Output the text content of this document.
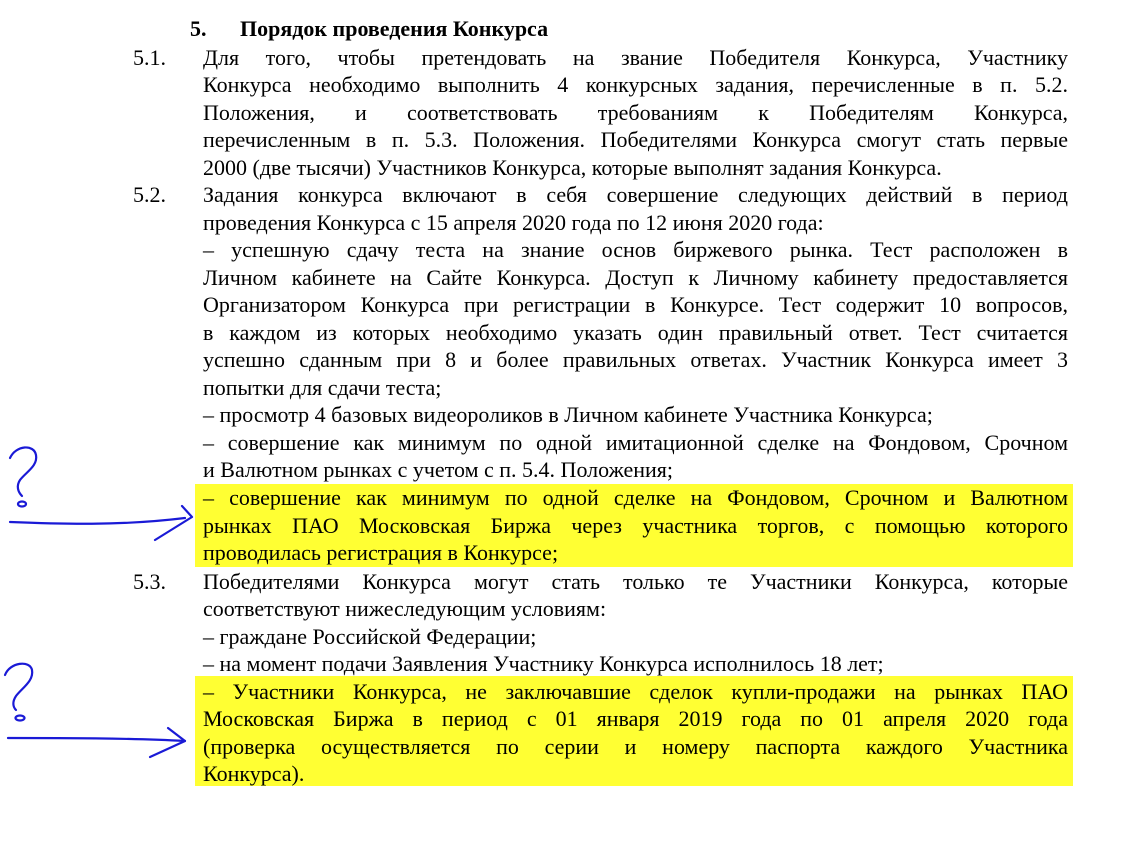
5. Порядок проведения Конкурса
5.1.
5.2.
5.3.
Для того, чтобы претендовать на звание Победителя Конкурса, Участнику
Конкурса необходимо выполнить 4 конкурсных задания, перечисленные в п. 5.2.
Положения, и соответствовать требованиям к Победителям Конкурса,
перечисленным в п. 5.3. Положения. Победителями Конкурса смогут стать первые
2000 (две тысячи) Участников Конкурса, которые выполнят задания Конкурса.
Задания конкурса включают в себя совершение следующих действий в период
проведения Конкурса с 15 апреля 2020 года по 12 июня 2020 года:
– успешную сдачу теста на знание основ биржевого рынка. Тест расположен в
Личном кабинете на Сайте Конкурса. Доступ к Личному кабинету предоставляется
Организатором Конкурса при регистрации в Конкурсе. Тест содержит 10 вопросов,
в каждом из которых необходимо указать один правильный ответ. Тест считается
успешно сданным при 8 и более правильных ответах. Участник Конкурса имеет 3
попытки для сдачи теста;
– просмотр 4 базовых видеороликов в Личном кабинете Участника Конкурса;
– совершение как минимум по одной имитационной сделке на Фондовом, Срочном
и Валютном рынках с учетом с п. 5.4. Положения;
– совершение как минимум по одной сделке на Фондовом, Срочном и Валютном
рынках ПАО Московская Биржа через участника торгов, с помощью которого
проводилась регистрация в Конкурсе;
Победителями Конкурса могут стать только те Участники Конкурса, которые
соответствуют нижеследующим условиям:
– граждане Российской Федерации;
– на момент подачи Заявления Участнику Конкурса исполнилось 18 лет;
– Участники Конкурса, не заключавшие сделок купли-продажи на рынках ПАО
Московская Биржа в период с 01 января 2019 года по 01 апреля 2020 года
(проверка осуществляется по серии и номеру паспорта каждого Участника
Конкурса).
